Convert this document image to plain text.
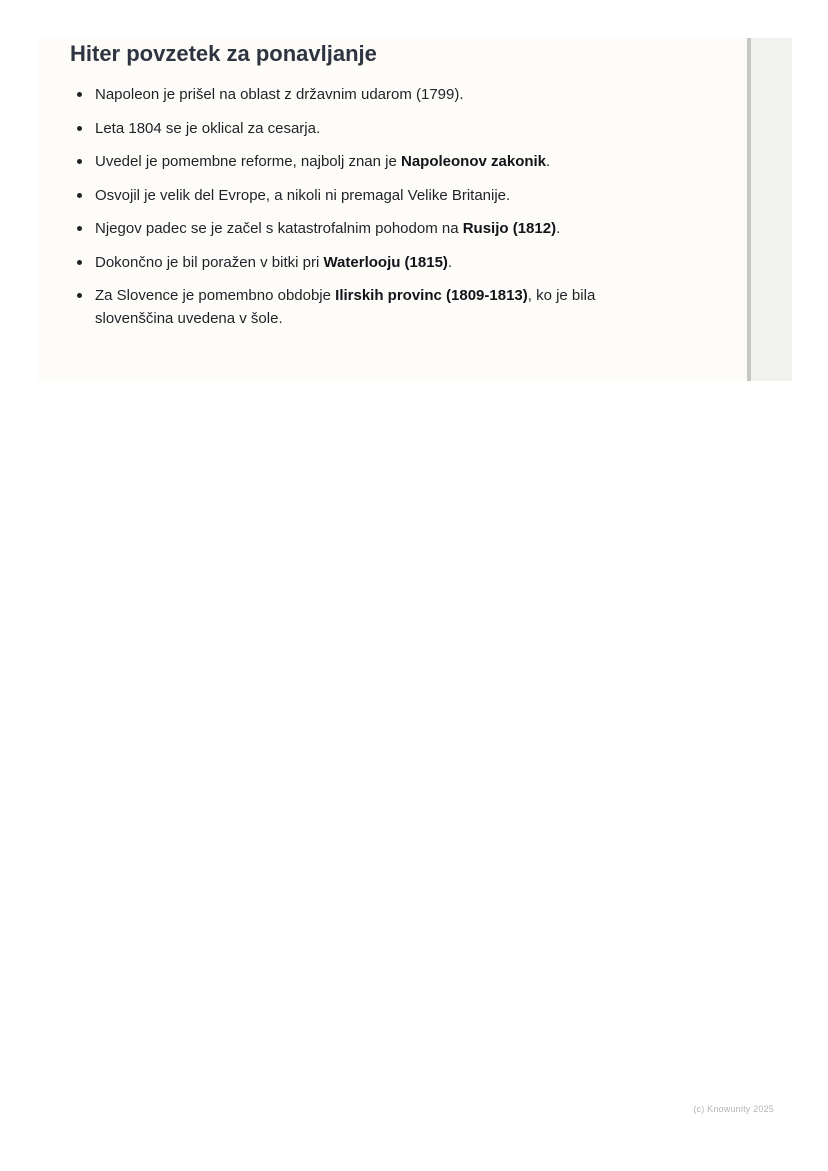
Hiter povzetek za ponavljanje
Napoleon je prišel na oblast z državnim udarom (1799).
Leta 1804 se je oklical za cesarja.
Uvedel je pomembne reforme, najbolj znan je Napoleonov zakonik.
Osvojil je velik del Evrope, a nikoli ni premagal Velike Britanije.
Njegov padec se je začel s katastrofalnim pohodom na Rusijo (1812).
Dokončno je bil poražen v bitki pri Waterlooju (1815).
Za Slovence je pomembno obdobje Ilirskih provinc (1809-1813), ko je bila slovenščina uvedena v šole.
(c) Knowunity 2025
